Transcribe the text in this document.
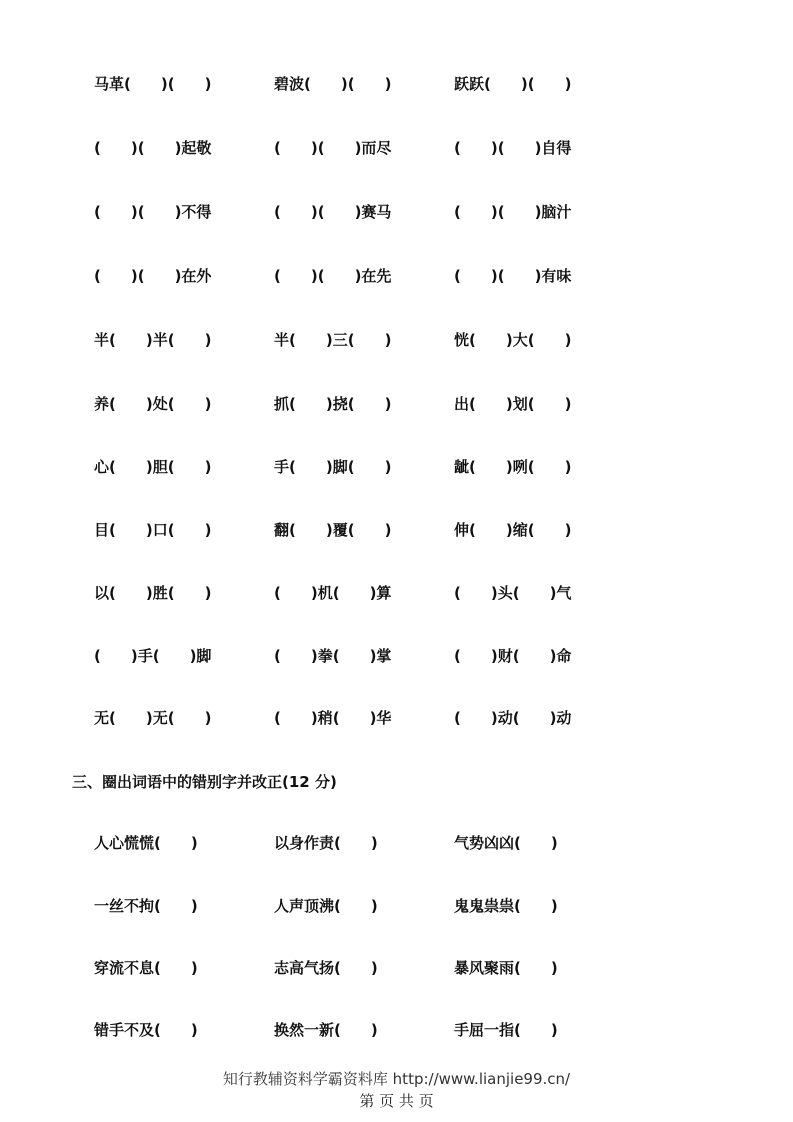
马革(　　)(　　)	碧波(　　)(　　)	跃跃(　　)(　　)
(　　)(　　)起敬	(　　)(　　)而尽	(　　)(　　)自得
(　　)(　　)不得	(　　)(　　)赛马	(　　)(　　)脑汁
(　　)(　　)在外	(　　)(　　)在先	(　　)(　　)有味
半(　　)半(　　)	半(　　)三(　　)	恍(　　)大(　　)
养(　　)处(　　)	抓(　　)挠(　　)	出(　　)划(　　)
心(　　)胆(　　)	手(　　)脚(　　)	龇(　　)咧(　　)
目(　　)口(　　)	翻(　　)覆(　　)	伸(　　)缩(　　)
以(　　)胜(　　)	(　　)机(　　)算	(　　)头(　　)气
(　　)手(　　)脚	(　　)拳(　　)掌	(　　)财(　　)命
无(　　)无(　　)	(　　)稍(　　)华	(　　)动(　　)动
三、圈出词语中的错别字并改正(12 分)
人心慌慌(　　)	以身作责(　　)	气势凶凶(　　)
一丝不拘(　　)	人声顶沸(　　)	鬼鬼祟祟(　　)
穿流不息(　　)	志高气扬(　　)	暴风聚雨(　　)
错手不及(　　)	换然一新(　　)	手屈一指(　　)
知行教辅资料学霸资料库 http://www.lianjie99.cn/
第 页 共 页
